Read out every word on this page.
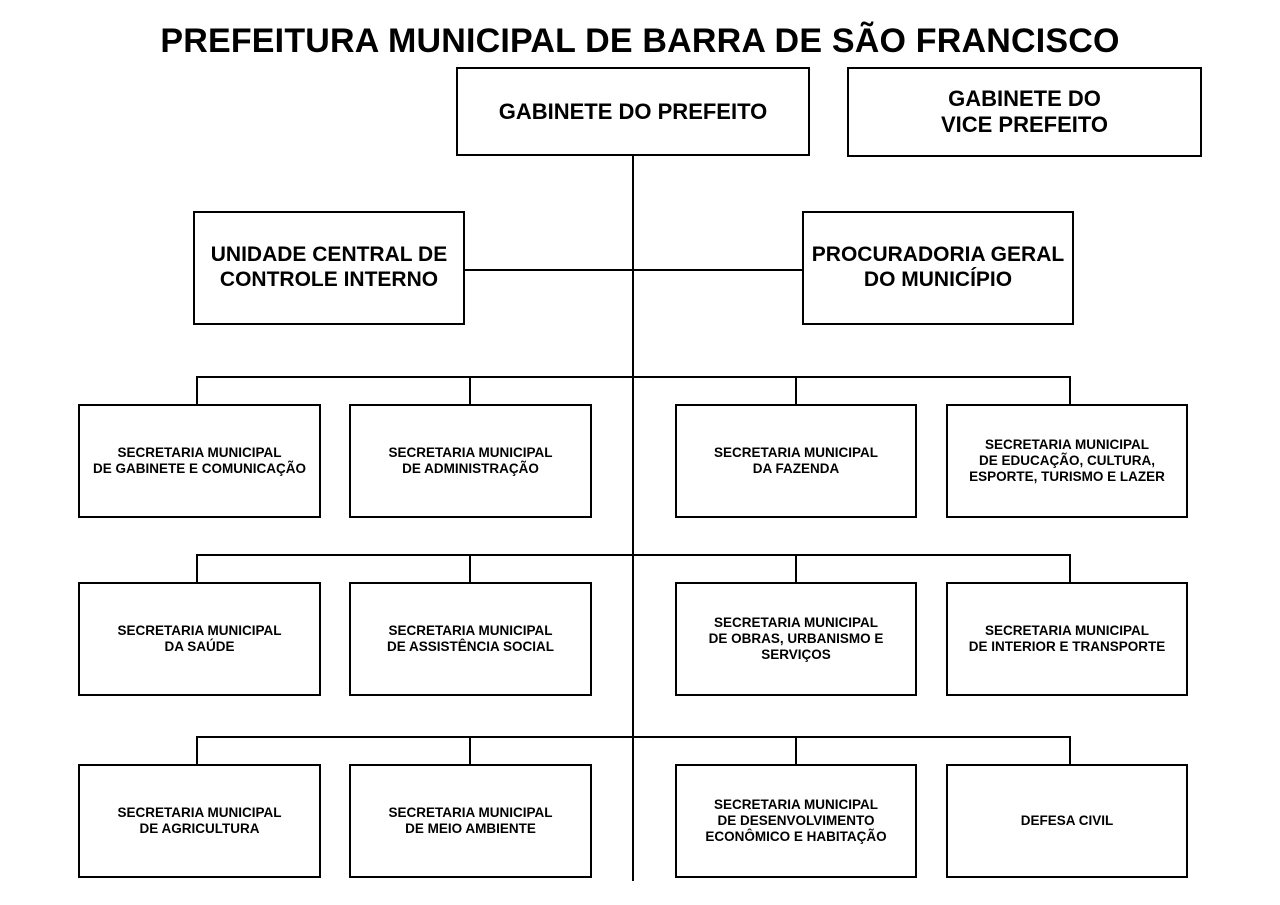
PREFEITURA MUNICIPAL DE BARRA DE SÃO FRANCISCO
GABINETE DO PREFEITO	GABINETE DO
VICE PREFEITO
UNIDADE CENTRAL DE
CONTROLE INTERNO
PROCURADORIA GERAL
DO MUNICÍPIO
SECRETARIA MUNICIPAL
DE GABINETE E COMUNICAÇÃO
SECRETARIA MUNICIPAL
DE ADMINISTRAÇÃO
SECRETARIA MUNICIPAL
DA FAZENDA
SECRETARIA MUNICIPAL
DE EDUCAÇÃO, CULTURA,
ESPORTE, TURISMO E LAZER
SECRETARIA MUNICIPAL
DA SAÚDE
SECRETARIA MUNICIPAL
DE ASSISTÊNCIA SOCIAL
SECRETARIA MUNICIPAL
DE OBRAS, URBANISMO E
SERVIÇOS
SECRETARIA MUNICIPAL
DE INTERIOR E TRANSPORTE
SECRETARIA MUNICIPAL
DE AGRICULTURA
SECRETARIA MUNICIPAL
DE MEIO AMBIENTE
SECRETARIA MUNICIPAL
DE DESENVOLVIMENTO
ECONÔMICO E HABITAÇÃO
DEFESA CIVIL
